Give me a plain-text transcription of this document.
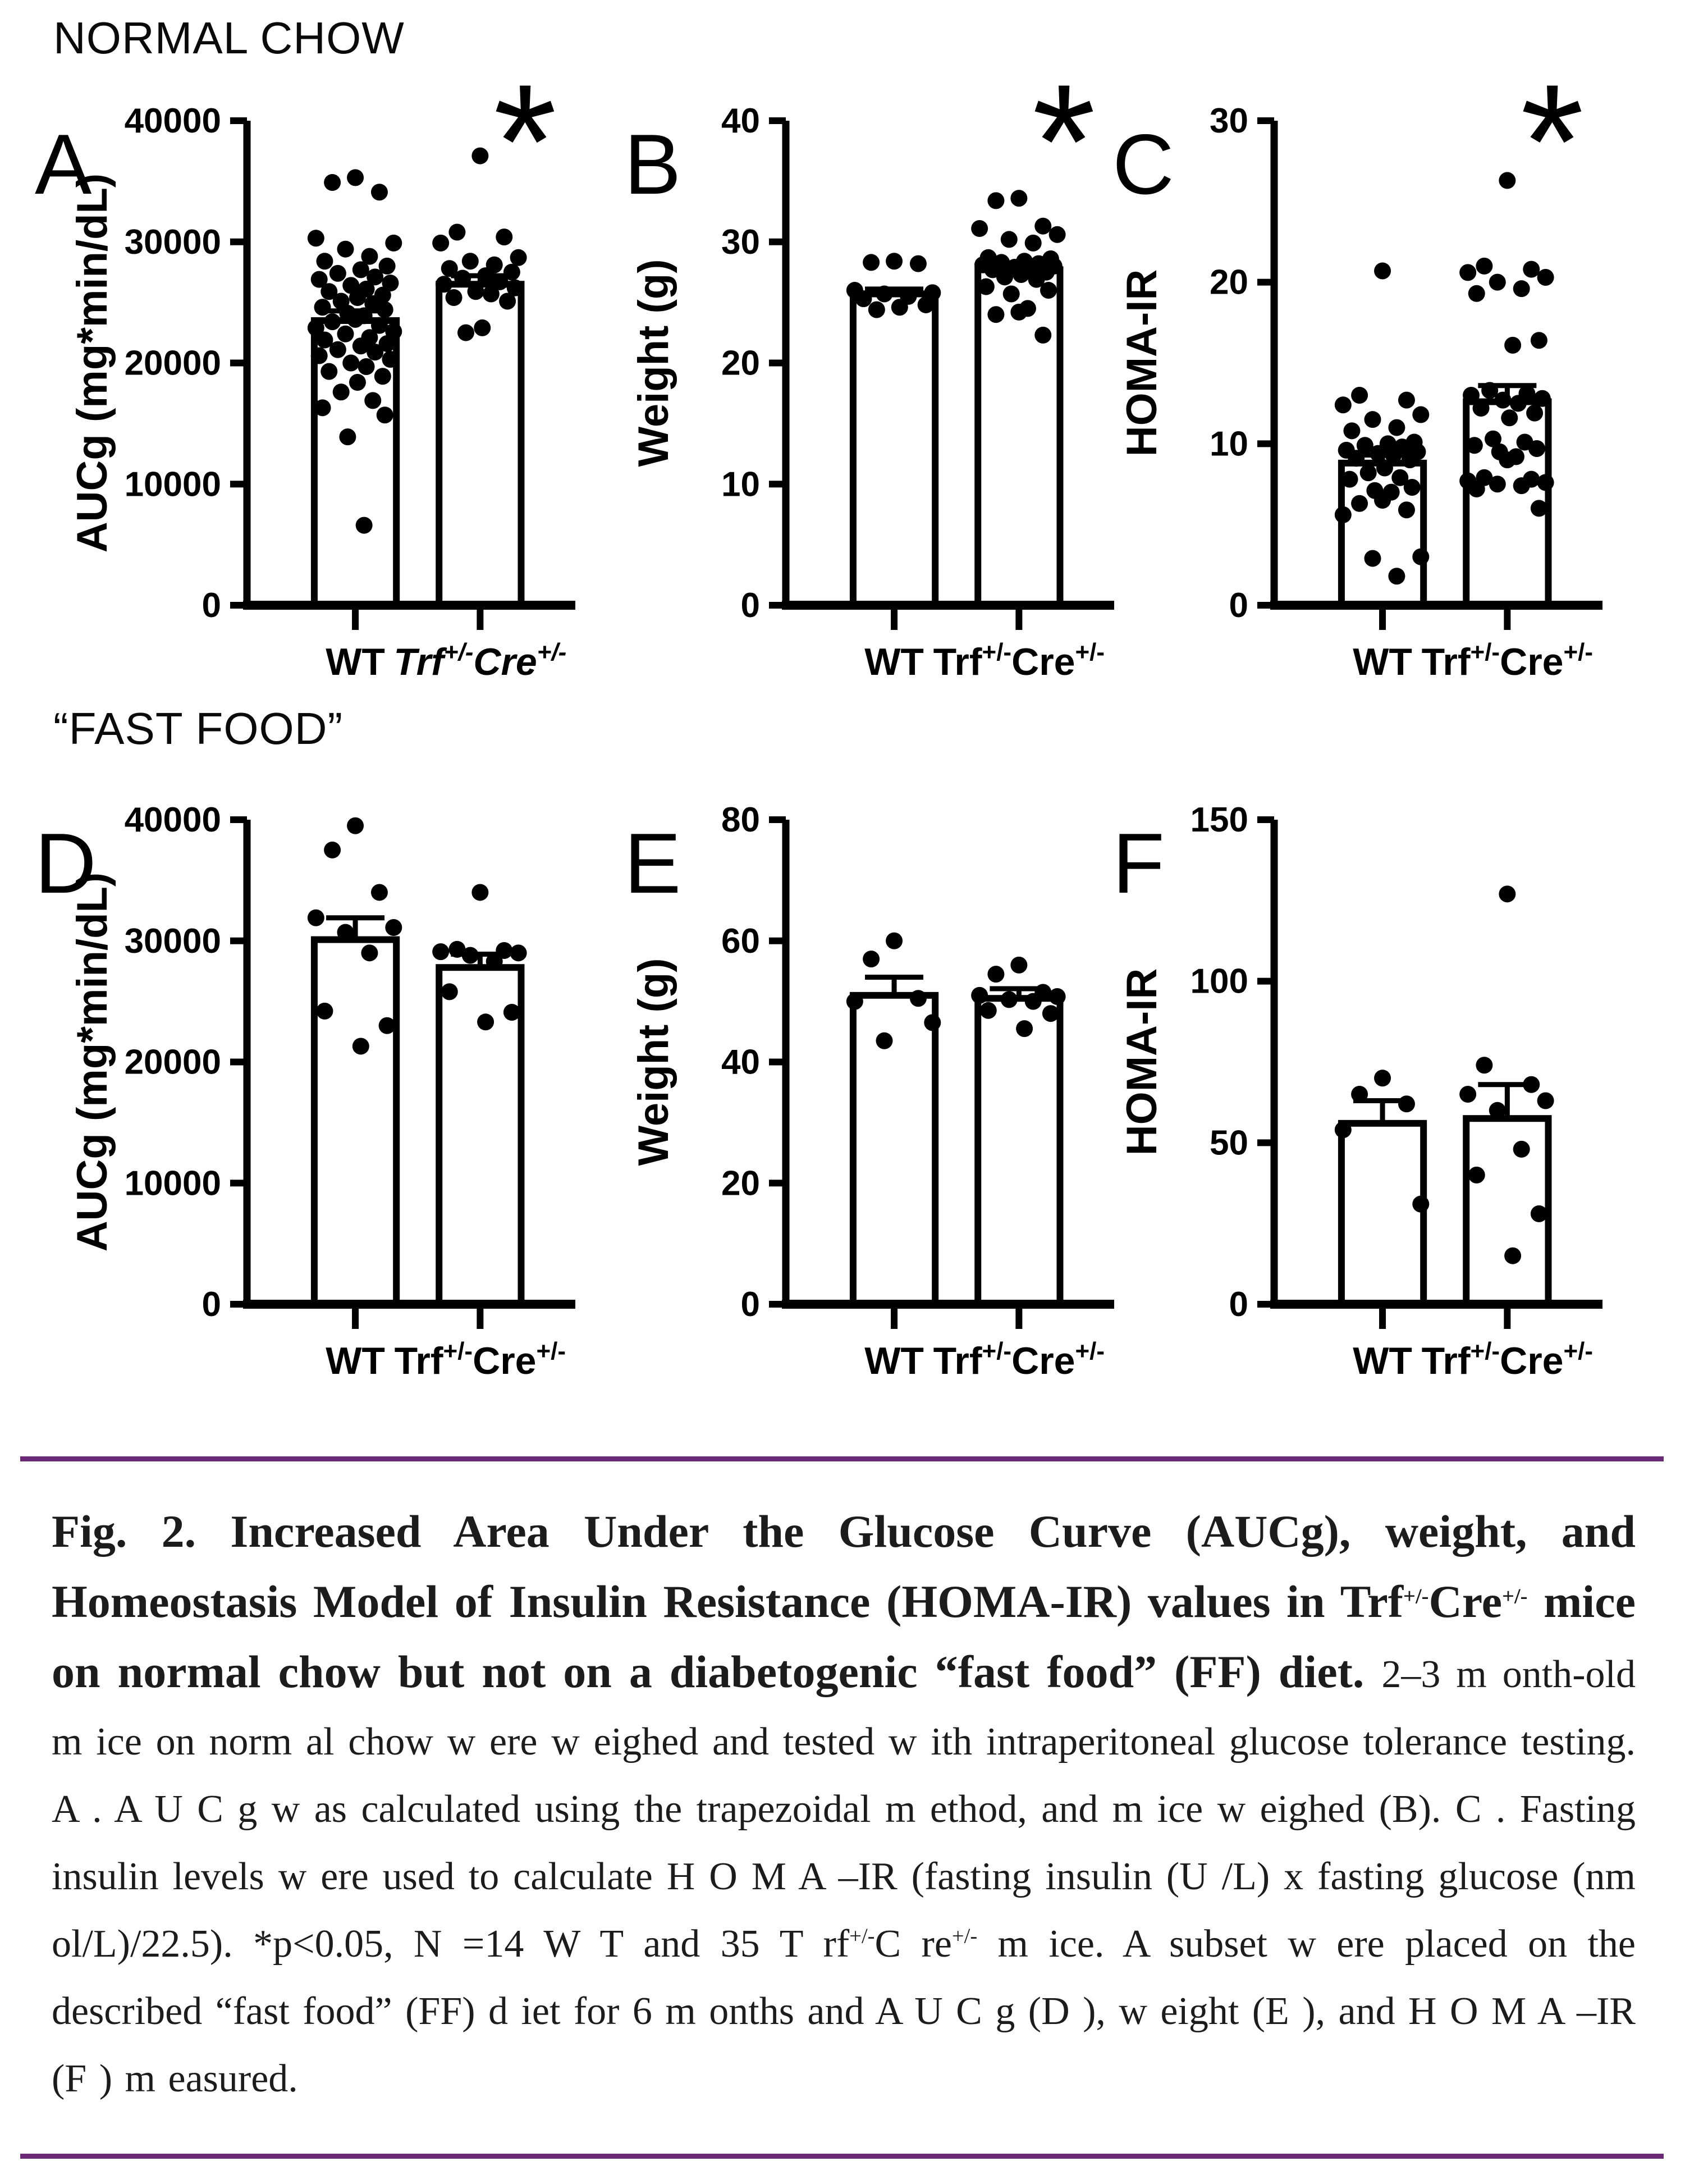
NORMAL CHOW
A
0
10000
20000
30000
40000
AUCg (mg*min/dL)
WT Trf+/-Cre+/-
* B
0
10
20
30
40
Weight (g)
WT Trf+/-Cre+/-
* C
0
10
20
30
HOMA-IR
WT Trf+/-Cre+/-
*
“FAST FOOD”
D
0
10000
20000
30000
40000
AUCg (mg*min/dL)
WT Trf+/-Cre+/-
E
0
20
40
60
80
Weight (g)
WT Trf+/-Cre+/-
F
0
50
100
150
HOMA-IR
WT Trf+/-Cre+/-

Fig. 2. Increased Area Under the Glucose Curve (AUCg), weight, and Homeostasis Model of Insulin Resistance (HOMA-IR) values in Trf+/-Cre+/- mice on normal chow but not on a diabetogenic “fast food” (FF) diet. 2–3 m onth-old m ice on norm al chow w ere w eighed and tested w ith intraperitoneal glucose tolerance testing. A . A U C g w as calculated using the trapezoidal m ethod, and m ice w eighed (B). C . Fasting insulin levels w ere used to calculate H O M A –IR (fasting insulin (U /L) x fasting glucose (nm ol/L)/22.5). *p<0.05, N =14 W T and 35 T rf+/-C re+/- m ice. A subset w ere placed on the described “fast food” (FF) d iet for 6 m onths and A U C g (D ), w eight (E ), and H O M A –IR (F ) m easured.
